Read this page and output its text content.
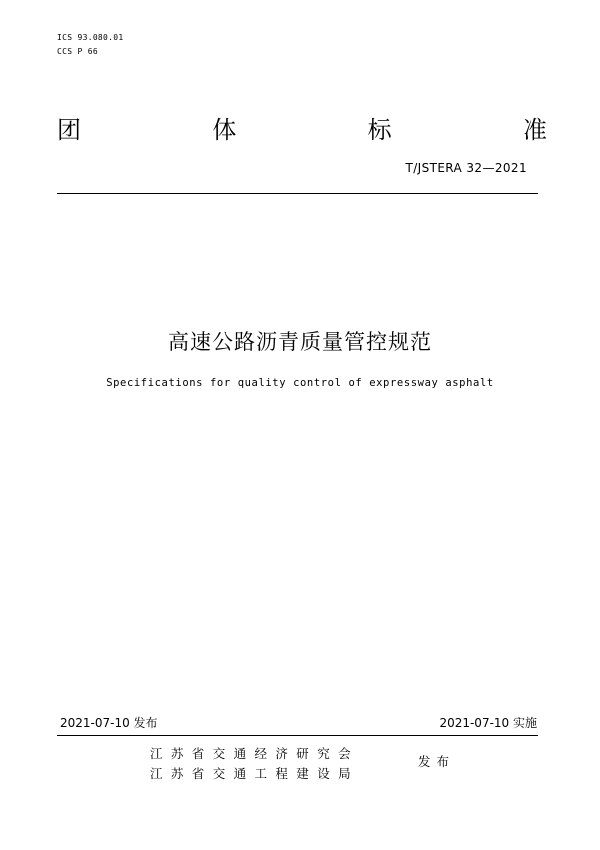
ICS 93.080.01
CCS P 66
团	体	标	准
T/JSTERA 32—2021
高速公路沥青质量管控规范
Specifications for quality control of expressway asphalt
2021-07-10 发布	2021-07-10 实施
江苏省交通经济研究会
江苏省交通工程建设局
发布
